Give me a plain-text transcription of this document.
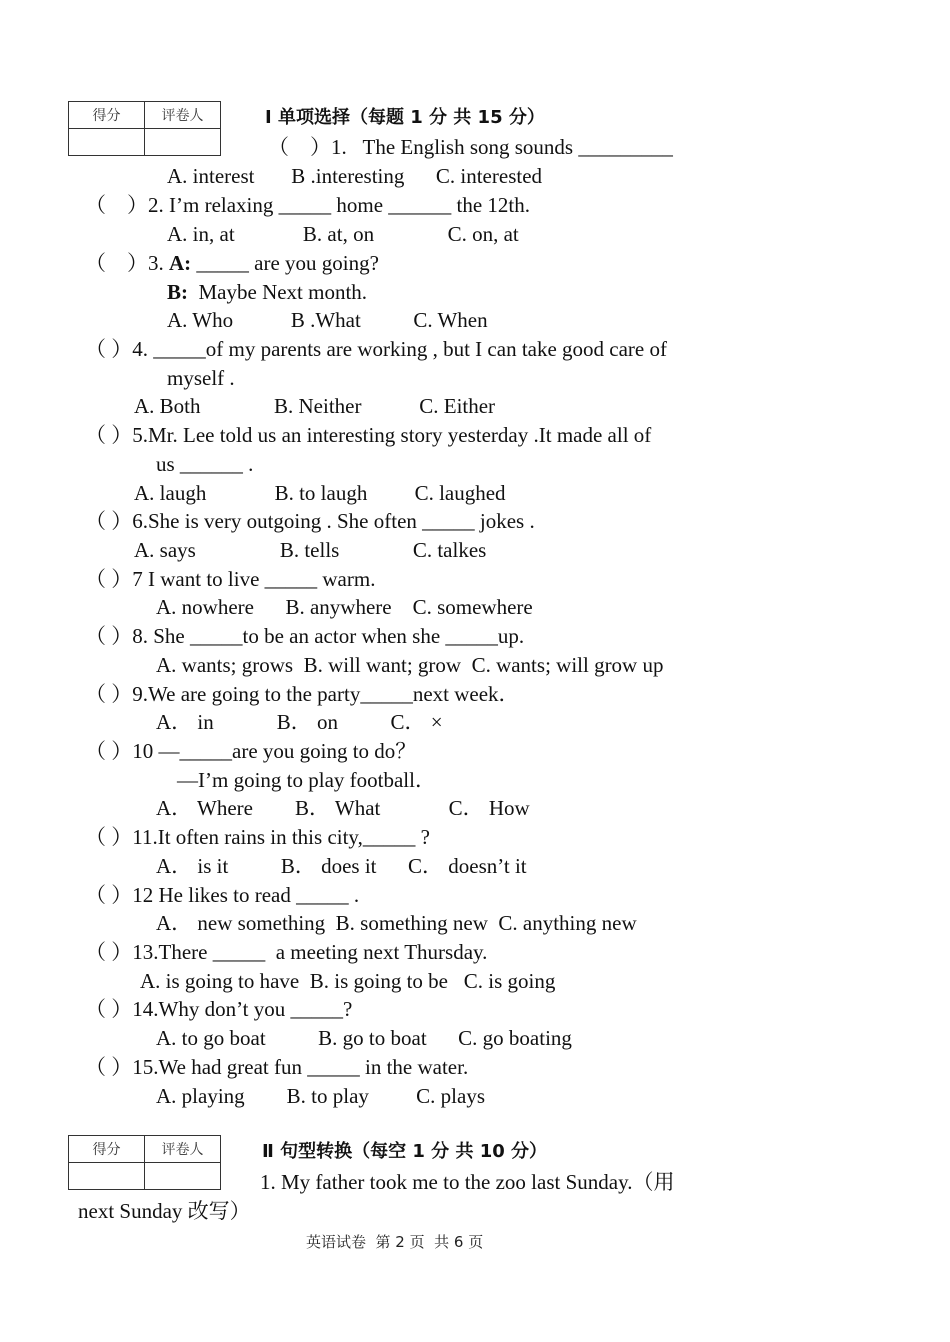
得分	评卷人
		Ⅰ 单项选择（每题 1 分 共 15 分）
（　）1.   The English song sounds _________
A. interest       B .interesting      C. interested
（　）2. I’m relaxing _____ home ______ the 12th.
A. in, at             B. at, on              C. on, at
（　）3. A: _____ are you going?
B:  Maybe Next month.
A. Who           B .What          C. When
（ ）4. _____of my parents are working , but I can take good care of
myself .
A. Both              B. Neither           C. Either
（ ）5.Mr. Lee told us an interesting story yesterday .It made all of
us ______ .
A. laugh             B. to laugh         C. laughed
（ ）6.She is very outgoing . She often _____ jokes .
A. says                B. tells              C. talkes
（ ）7 I want to live _____ warm.
A. nowhere      B. anywhere    C. somewhere
（ ）8. She _____to be an actor when she _____up.
A. wants; grows  B. will want; grow  C. wants; will grow up
（ ）9.We are going to the party_____next week．
A． in            B． on          C． ×
（ ）10 —_____are you going to do？
—I’m going to play football．
A． Where        B． What             C． How
（ ）11.It often rains in this city,_____ ?
A． is it          B． does it      C． doesn’t it
（ ）12 He likes to read _____ .
A． new something  B. something new  C. anything new
（ ）13.There _____  a meeting next Thursday.
A. is going to have  B. is going to be   C. is going
（ ）14.Why don’t you _____?
A. to go boat          B. go to boat      C. go boating
（ ）15.We had great fun _____ in the water.
A. playing        B. to play         C. plays
得分	评卷人
		Ⅱ 句型转换（每空 1 分 共 10 分）
1. My father took me to the zoo last Sunday.（用
next Sunday 改写）
英语试卷  第 2 页  共 6 页
